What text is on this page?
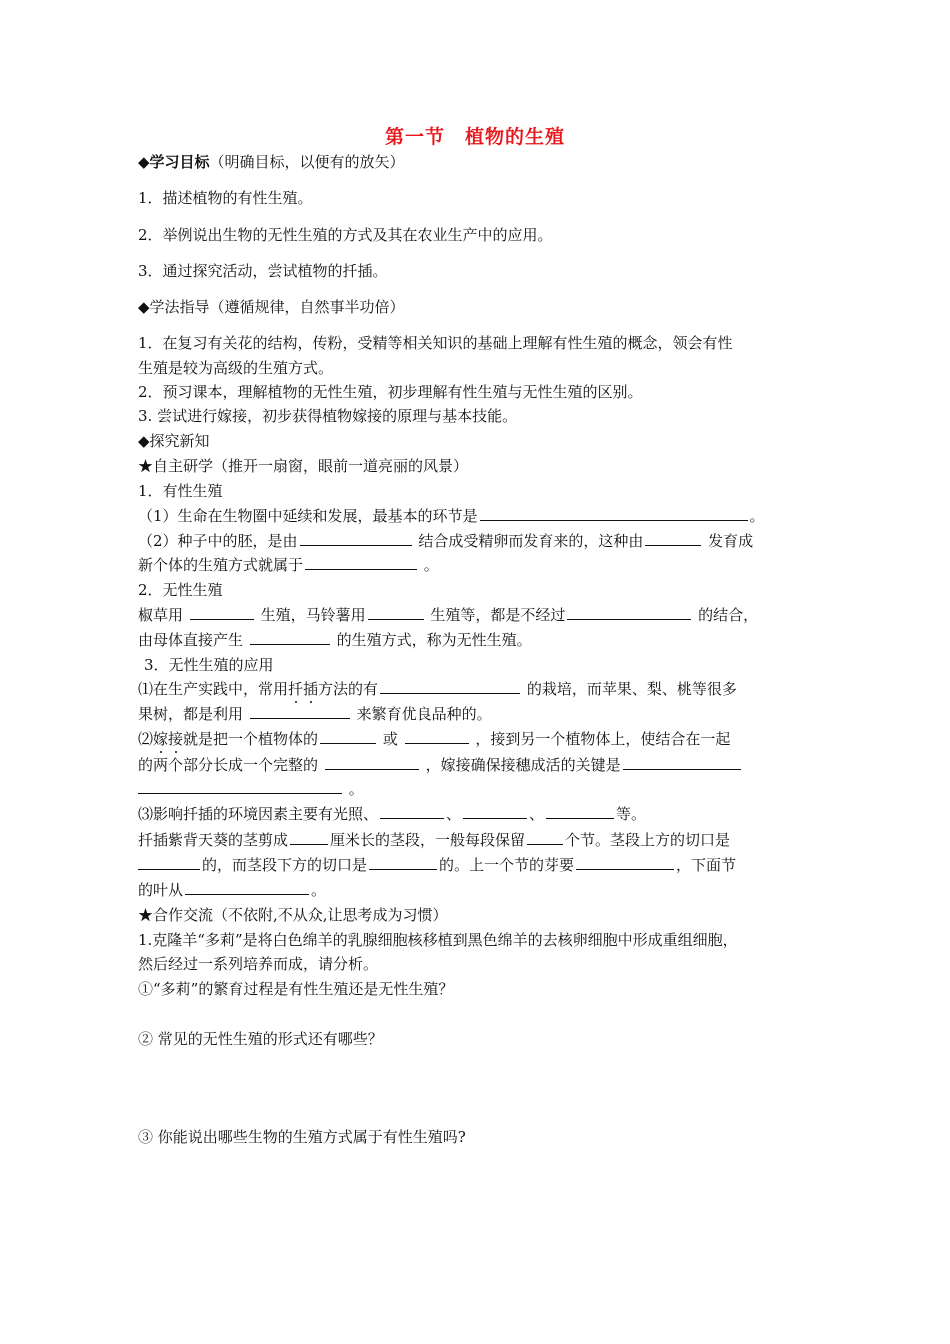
第一节　植物的生殖
◆学习目标（明确目标，以便有的放矢）
1．描述植物的有性生殖。
2．举例说出生物的无性生殖的方式及其在农业生产中的应用。
3．通过探究活动，尝试植物的扦插。
◆学法指导（遵循规律，自然事半功倍）
1．在复习有关花的结构，传粉，受精等相关知识的基础上理解有性生殖的概念，领会有性
生殖是较为高级的生殖方式。
2．预习课本，理解植物的无性生殖，初步理解有性生殖与无性生殖的区别。
3. 尝试进行嫁接，初步获得植物嫁接的原理与基本技能。
◆探究新知
★自主研学（推开一扇窗，眼前一道亮丽的风景）
1．有性生殖
（1）生命在生物圈中延续和发展，最基本的环节是	。
（2）种子中的胚，是由	结合成受精卵而发育来的，这种由	发育成
新个体的生殖方式就属于	。
2．无性生殖
椒草用	生殖，马铃薯用	生殖等，都是不经过	的结合，
由母体直接产生	的生殖方式，称为无性生殖。
3．无性生殖的应用
⑴在生产实践中，常用扦插方法的有	的栽培，而苹果、梨、桃等很多
果树，都是利用	来繁育优良品种的。
⑵嫁接就是把一个植物体的	或	，接到另一个植物体上，使结合在一起
的两个部分长成一个完整的	，嫁接确保接穗成活的关键是
。
⑶影响扦插的环境因素主要有光照、	、	、	等。
扦插紫背天葵的茎剪成	厘米长的茎段，一般每段保留	个节。茎段上方的切口是
的，而茎段下方的切口是	的。上一个节的芽要	，下面节
的叶从	。
★合作交流（不依附,不从众,让思考成为习惯）
1.克隆羊“多莉”是将白色绵羊的乳腺细胞核移植到黑色绵羊的去核卵细胞中形成重组细胞，
然后经过一系列培养而成，请分析。
①“多莉”的繁育过程是有性生殖还是无性生殖？
② 常见的无性生殖的形式还有哪些？
③ 你能说出哪些生物的生殖方式属于有性生殖吗?
